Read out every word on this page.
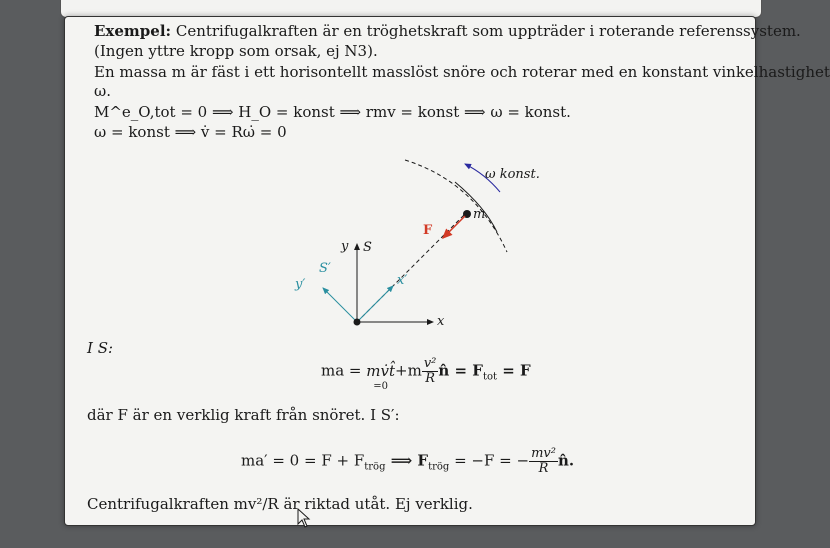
Exempel: Centrifugalkraften är en tröghetskraft som uppträder i roterande referenssystem.
(Ingen yttre kropp som orsak, ej N3).
En massa m är fäst i ett horisontellt masslöst snöre och roterar med en konstant vinkelhastighet
ω.
M^e_O,tot = 0 ⟹ H_O = konst ⟹ rmv = konst ⟹ ω = konst.
ω = konst ⟹ v̇ = Rω̇ = 0
ω konst.
m
F
y S
x
y′
S′
x′
I S:
ma = mv̇t̂
=0
$+m \frac{\text{v²}}{R}$ n̂ = $F_{tot} = F$
där F är en verklig kraft från snöret. I S′:
$ma' = 0 = F + F_{trög}$ ⟹ $F_{trög} = -F$ = − $\frac{\text{mv²}}{R}$ n̂.
Centrifugalkraften mv²/R är riktad utåt. Ej verklig.
